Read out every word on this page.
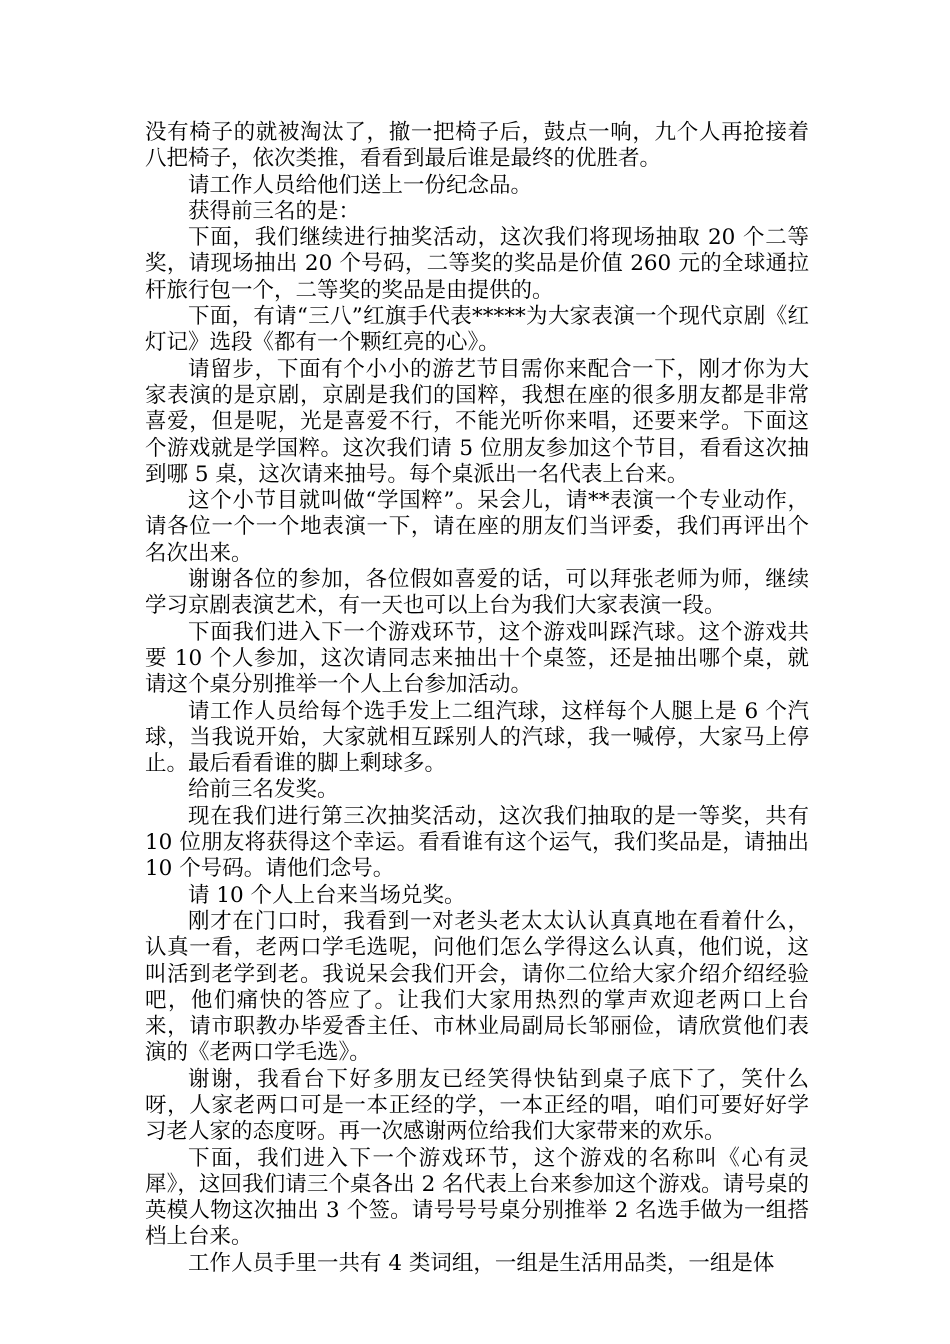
没有椅子的就被淘汰了，撤一把椅子后，鼓点一响，九个人再抢接着八把椅子，依次类推，看看到最后谁是最终的优胜者。

请工作人员给他们送上一份纪念品。

获得前三名的是：

下面，我们继续进行抽奖活动，这次我们将现场抽取 20 个二等奖，请现场抽出 20 个号码，二等奖的奖品是价值 260 元的全球通拉杆旅行包一个，二等奖的奖品是由提供的。

下面，有请“三八”红旗手代表*****为大家表演一个现代京剧《红灯记》选段《都有一个颗红亮的心》。

请留步，下面有个小小的游艺节目需你来配合一下，刚才你为大家表演的是京剧，京剧是我们的国粹，我想在座的很多朋友都是非常喜爱，但是呢，光是喜爱不行，不能光听你来唱，还要来学。下面这个游戏就是学国粹。这次我们请 5 位朋友参加这个节目，看看这次抽到哪 5 桌，这次请来抽号。每个桌派出一名代表上台来。

这个小节目就叫做“学国粹”。呆会儿，请**表演一个专业动作，请各位一个一个地表演一下，请在座的朋友们当评委，我们再评出个名次出来。

谢谢各位的参加，各位假如喜爱的话，可以拜张老师为师，继续学习京剧表演艺术，有一天也可以上台为我们大家表演一段。

下面我们进入下一个游戏环节，这个游戏叫踩汽球。这个游戏共要 10 个人参加，这次请同志来抽出十个桌签，还是抽出哪个桌，就请这个桌分别推举一个人上台参加活动。

请工作人员给每个选手发上二组汽球，这样每个人腿上是 6 个汽球，当我说开始，大家就相互踩别人的汽球，我一喊停，大家马上停止。最后看看谁的脚上剩球多。

给前三名发奖。

现在我们进行第三次抽奖活动，这次我们抽取的是一等奖，共有 10 位朋友将获得这个幸运。看看谁有这个运气，我们奖品是，请抽出 10 个号码。请他们念号。

请 10 个人上台来当场兑奖。

刚才在门口时，我看到一对老头老太太认认真真地在看着什么，认真一看，老两口学毛选呢，问他们怎么学得这么认真，他们说，这叫活到老学到老。我说呆会我们开会，请你二位给大家介绍介绍经验吧，他们痛快的答应了。让我们大家用热烈的掌声欢迎老两口上台来，请市职教办毕爱香主任、市林业局副局长邹丽俭，请欣赏他们表演的《老两口学毛选》。

谢谢，我看台下好多朋友已经笑得快钻到桌子底下了，笑什么呀，人家老两口可是一本正经的学，一本正经的唱，咱们可要好好学习老人家的态度呀。再一次感谢两位给我们大家带来的欢乐。

下面，我们进入下一个游戏环节，这个游戏的名称叫《心有灵犀》，这回我们请三个桌各出 2 名代表上台来参加这个游戏。请号桌的英模人物这次抽出 3 个签。请号号号桌分别推举 2 名选手做为一组搭档上台来。

工作人员手里一共有 4 类词组，一组是生活用品类，一组是体
